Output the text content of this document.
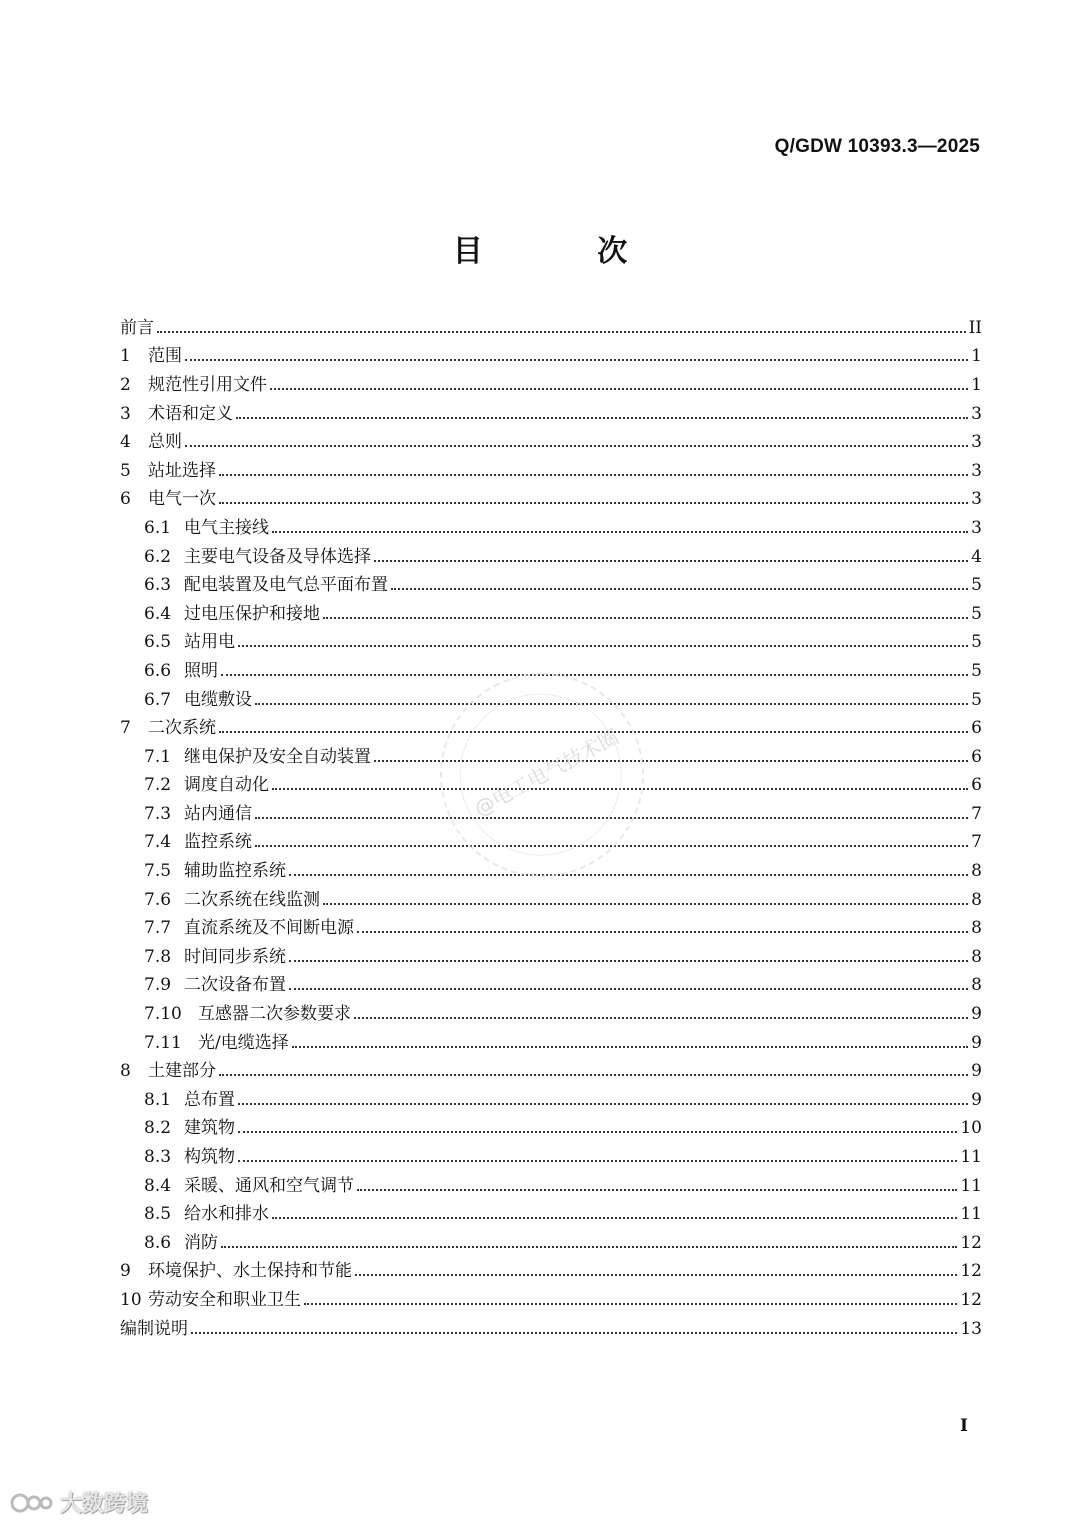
Q/GDW 10393.3—2025
目 次
前言	II
1	范围	1
2	规范性引用文件	1
3	术语和定义	3
4	总则	3
5	站址选择	3
6	电气一次	3
6.1 电气主接线	3
6.2 主要电气设备及导体选择	4
6.3 配电装置及电气总平面布置	5
6.4 过电压保护和接地	5
6.5 站用电	5
6.6 照明	5
6.7 电缆敷设	5
7	二次系统	6
7.1 继电保护及安全自动装置	6
7.2 调度自动化	6
7.3 站内通信	7
7.4 监控系统	7
7.5 辅助监控系统	8
7.6 二次系统在线监测	8
7.7 直流系统及不间断电源	8
7.8 时间同步系统	8
7.9 二次设备布置	8
7.10 互感器二次参数要求	9
7.11 光/电缆选择	9
8	土建部分	9
8.1 总布置	9
8.2 建筑物	10
8.3 构筑物	11
8.4 采暖、通风和空气调节	11
8.5 给水和排水	11
8.6 消防	12
9	环境保护、水土保持和节能	12
10 劳动安全和职业卫生	12
编制说明	13
@电工电气技术圈
I
大数跨境
